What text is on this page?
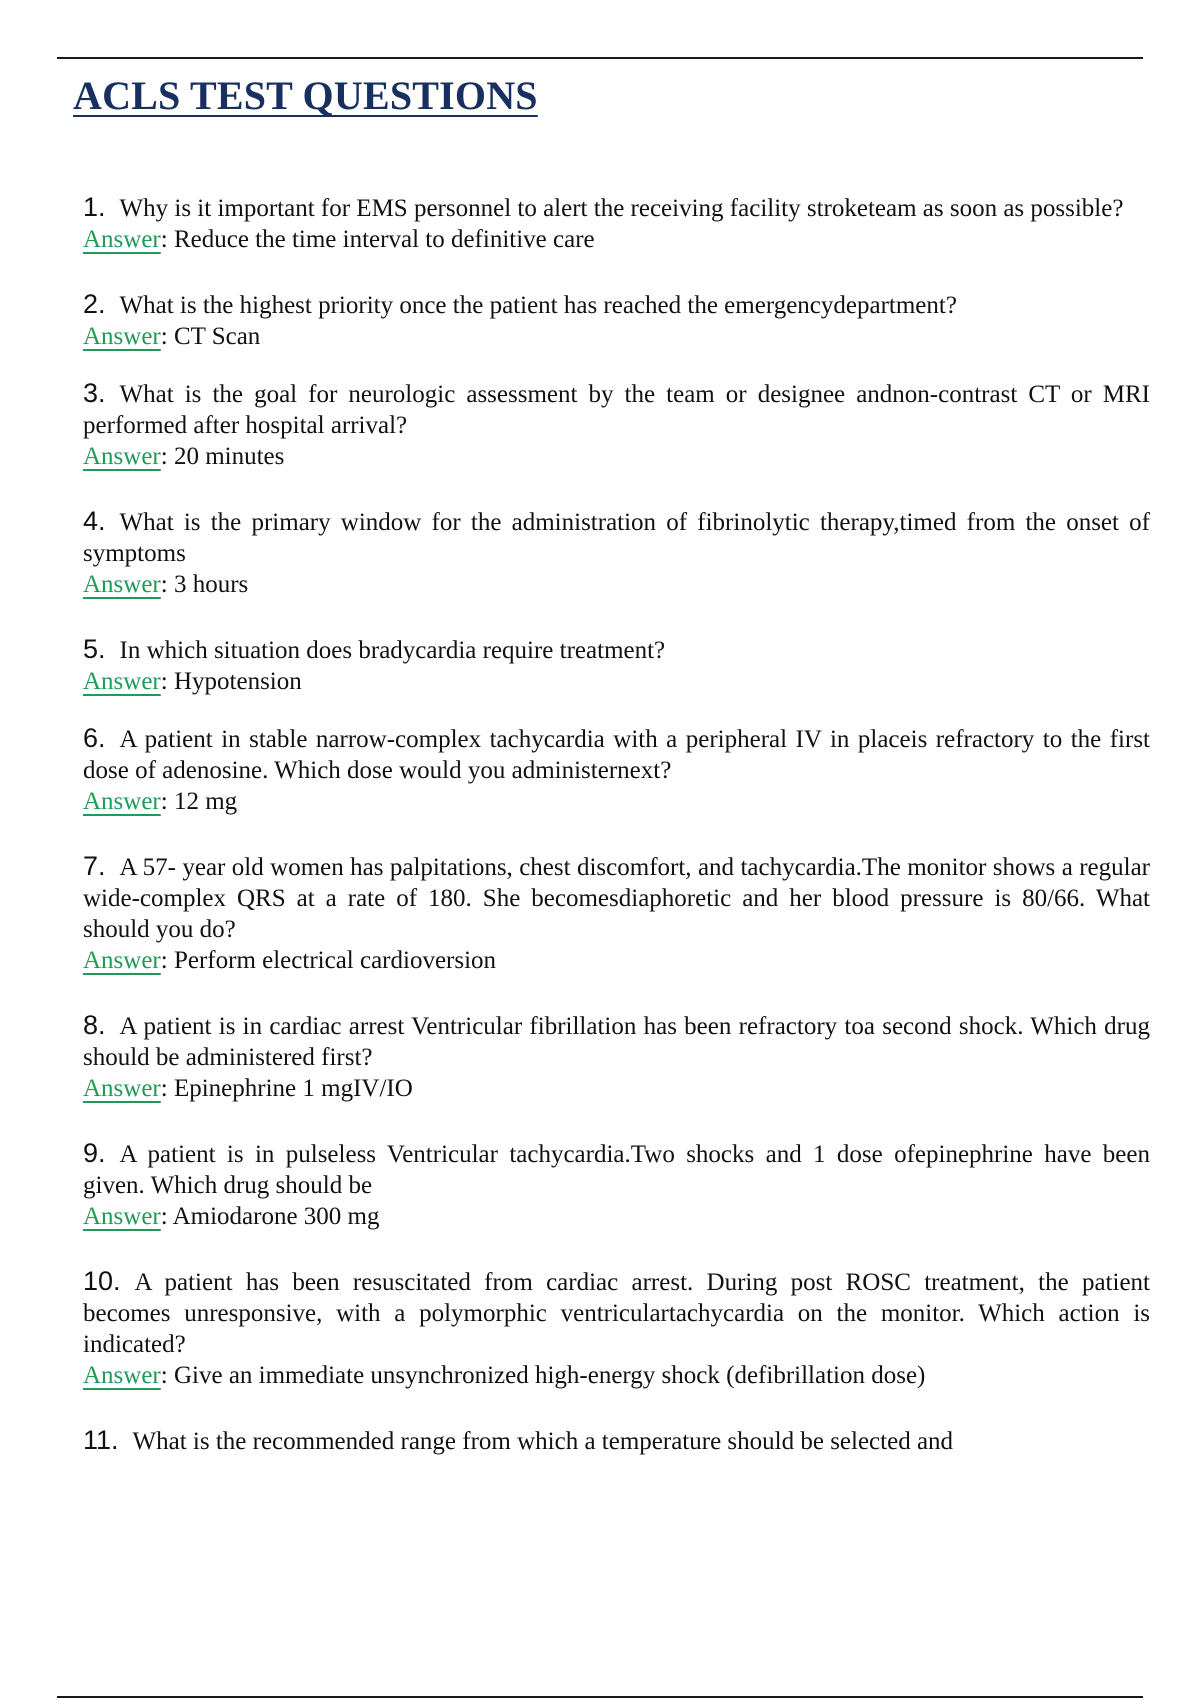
ACLS TEST QUESTIONS
1. Why is it important for EMS personnel to alert the receiving facility stroketeam as soon as possible?
Answer: Reduce the time interval to definitive care
2. What is the highest priority once the patient has reached the emergencydepartment?
Answer: CT Scan
3. What is the goal for neurologic assessment by the team or designee andnon-contrast CT or MRI performed after hospital arrival?
Answer: 20 minutes
4. What is the primary window for the administration of fibrinolytic therapy,timed from the onset of symptoms
Answer: 3 hours
5. In which situation does bradycardia require treatment?
Answer: Hypotension
6. A patient in stable narrow-complex tachycardia with a peripheral IV in placeis refractory to the first dose of adenosine. Which dose would you administernext?
Answer: 12 mg
7. A 57- year old women has palpitations, chest discomfort, and tachycardia.The monitor shows a regular wide-complex QRS at a rate of 180. She becomesdiaphoretic and her blood pressure is 80/66. What should you do?
Answer: Perform electrical cardioversion
8. A patient is in cardiac arrest Ventricular fibrillation has been refractory toa second shock. Which drug should be administered first?
Answer: Epinephrine 1 mgIV/IO
9. A patient is in pulseless Ventricular tachycardia.Two shocks and 1 dose ofepinephrine have been given. Which drug should be
Answer: Amiodarone 300 mg
10. A patient has been resuscitated from cardiac arrest. During post ROSC treatment, the patient becomes unresponsive, with a polymorphic ventriculartachycardia on the monitor. Which action is indicated?
Answer: Give an immediate unsynchronized high-energy shock (defibrillation dose)
11. What is the recommended range from which a temperature should be selected and
